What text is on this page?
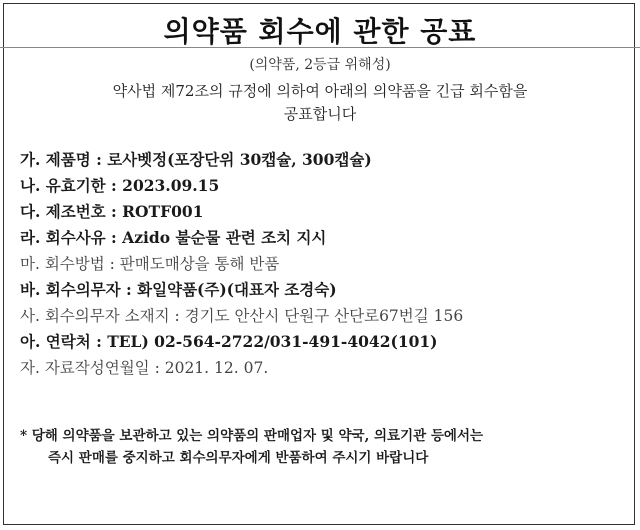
의약품 회수에 관한 공표
(의약품, 2등급 위해성)
약사법 제72조의 규정에 의하여 아래의 의약품을 긴급 회수함을
공표합니다
가. 제품명 : 로사벳정(포장단위 30캡슐, 300캡슐)
나. 유효기한 : 2023.09.15
다. 제조번호 : ROTF001
라. 회수사유 : Azido 불순물 관련 조치 지시
마. 회수방법 : 판매도매상을 통해 반품
바. 회수의무자 : 화일약품(주)(대표자 조경숙)
사. 회수의무자 소재지 : 경기도 안산시 단원구 산단로67번길 156
아. 연락처 : TEL) 02-564-2722/031-491-4042(101)
자. 자료작성연월일 : 2021. 12. 07.
* 당해 의약품을 보관하고 있는 의약품의 판매업자 및 약국, 의료기관 등에서는
즉시 판매를 중지하고 회수의무자에게 반품하여 주시기 바랍니다
